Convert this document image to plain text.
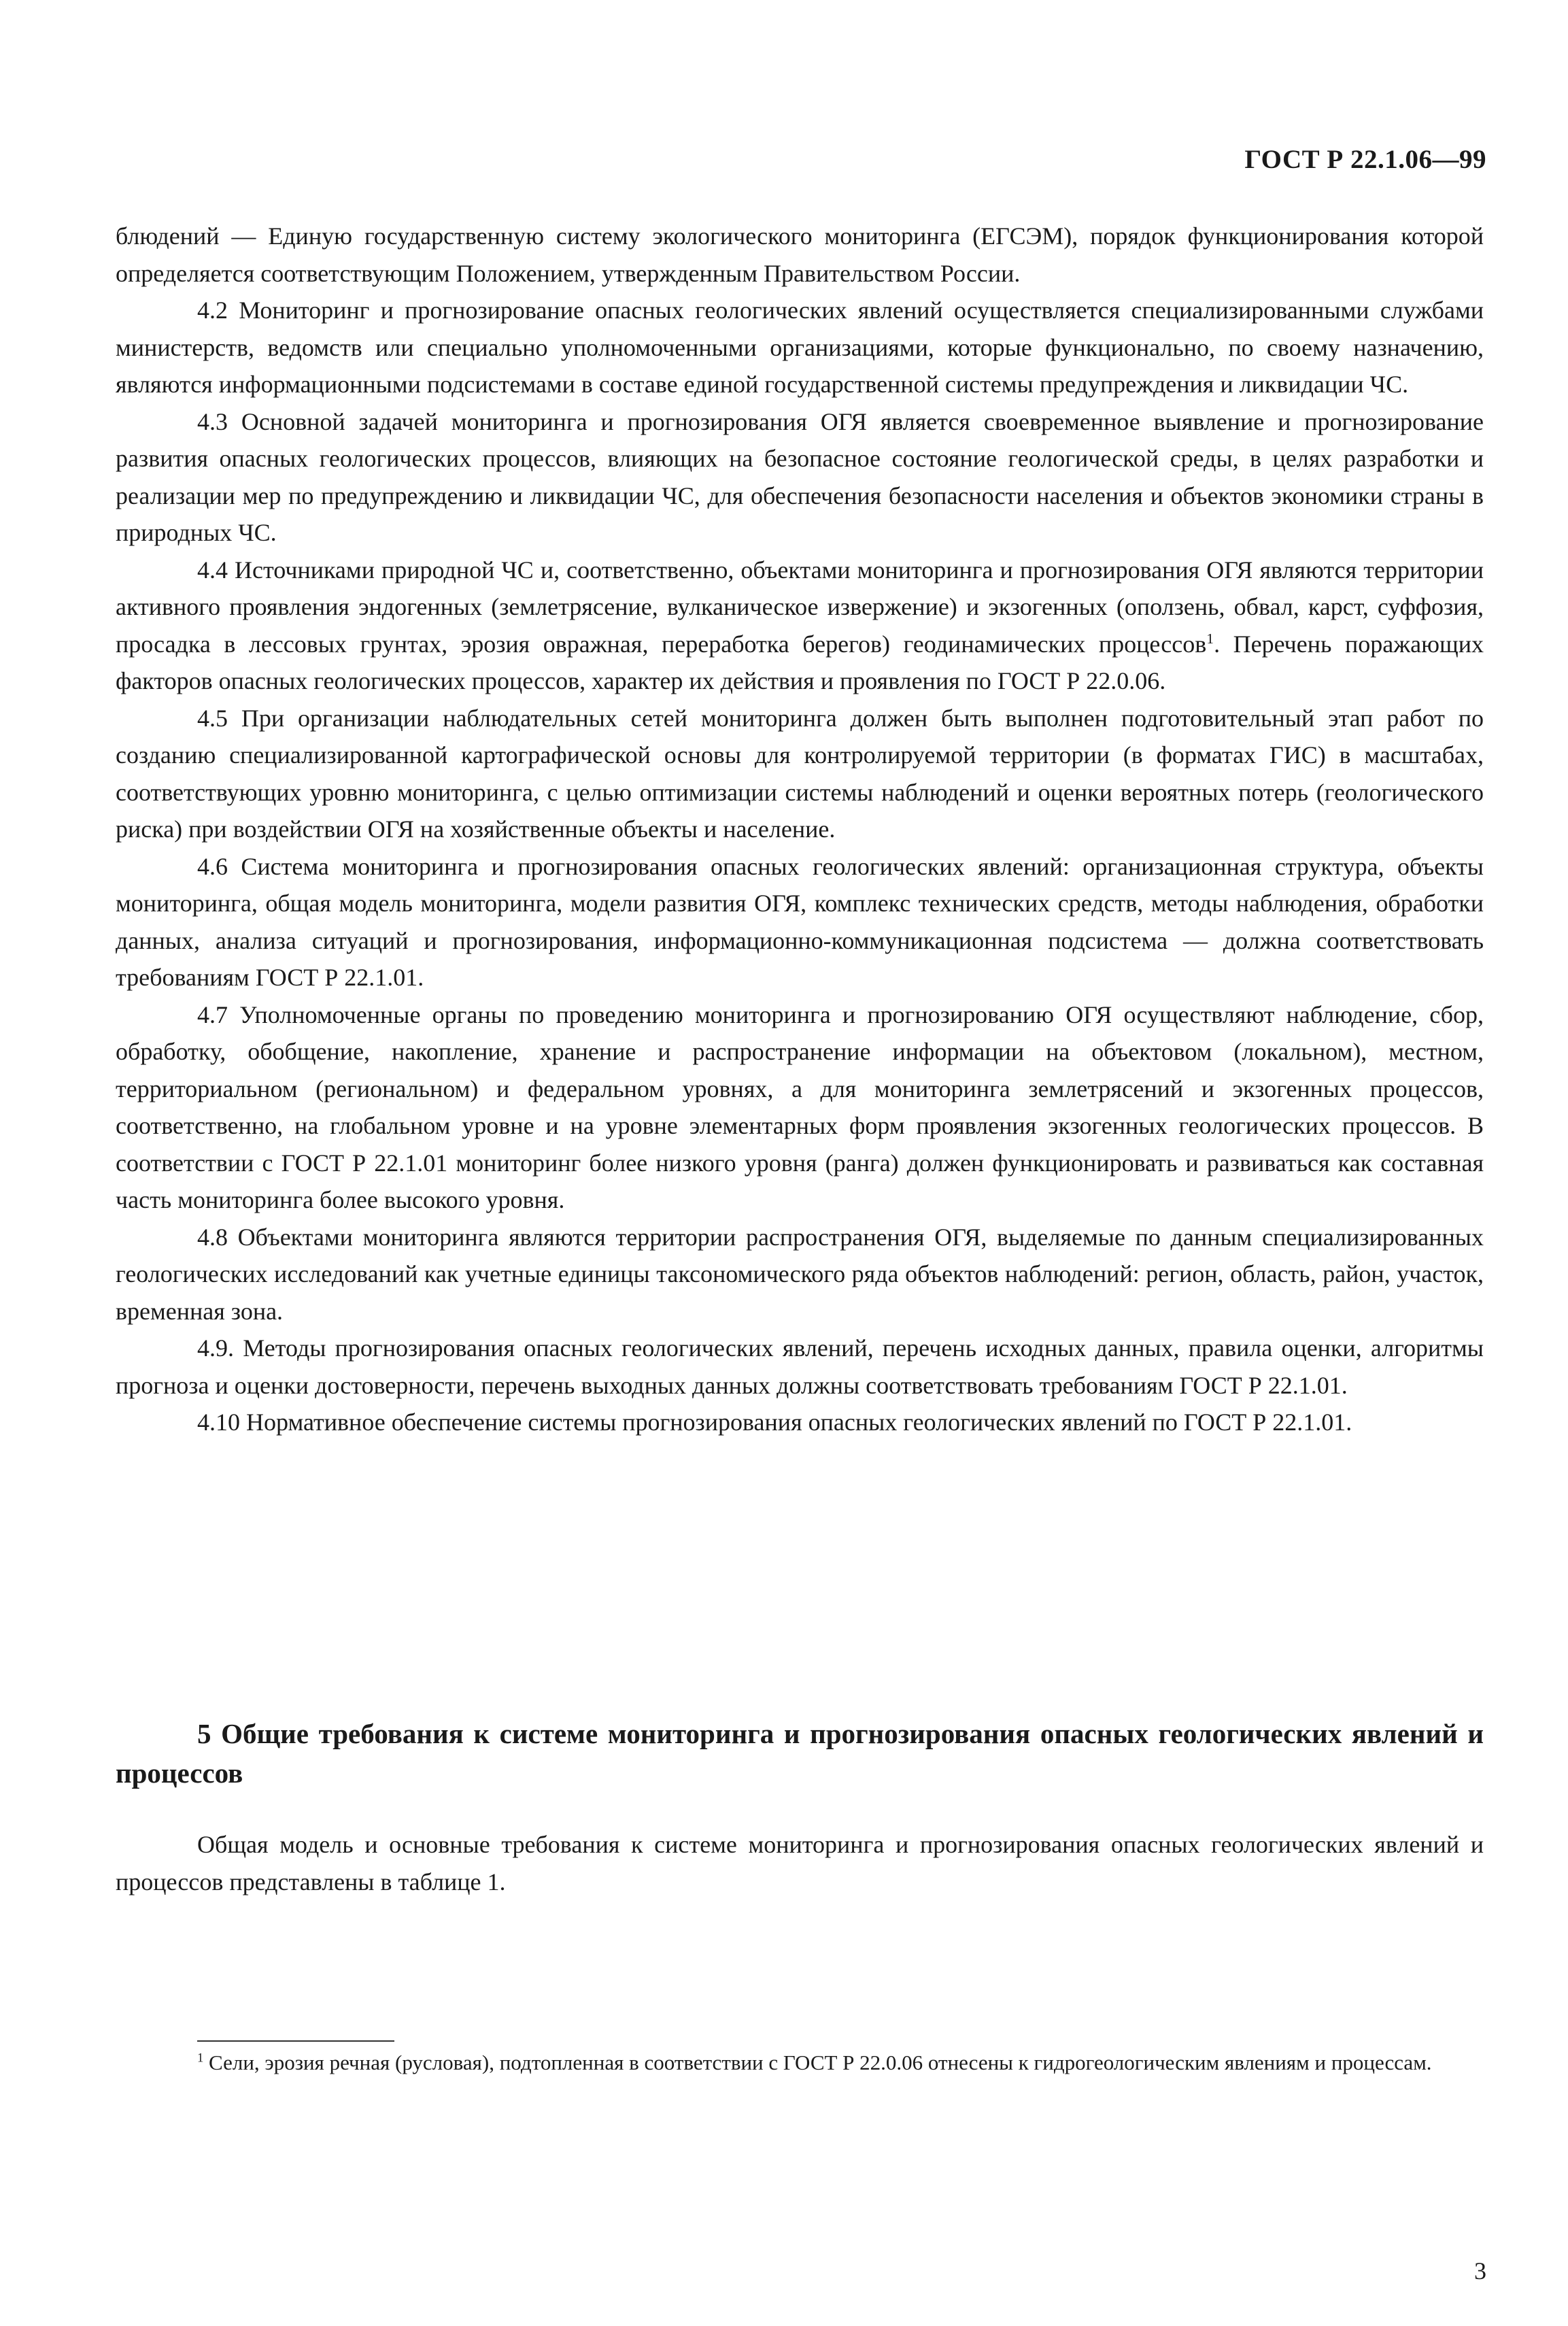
ГОСТ Р 22.1.06—99

блюдений — Единую государственную систему экологического мониторинга (ЕГСЭМ), порядок функционирования которой определяется соответствующим Положением, утвержденным Правительством России.

4.2 Мониторинг и прогнозирование опасных геологических явлений осуществляется специализированными службами министерств, ведомств или специально уполномоченными организациями, которые функционально, по своему назначению, являются информационными подсистемами в составе единой государственной системы предупреждения и ликвидации ЧС.

4.3 Основной задачей мониторинга и прогнозирования ОГЯ является своевременное выявление и прогнозирование развития опасных геологических процессов, влияющих на безопасное состояние геологической среды, в целях разработки и реализации мер по предупреждению и ликвидации ЧС, для обеспечения безопасности населения и объектов экономики страны в природных ЧС.

4.4 Источниками природной ЧС и, соответственно, объектами мониторинга и прогнозирования ОГЯ являются территории активного проявления эндогенных (землетрясение, вулканическое извержение) и экзогенных (оползень, обвал, карст, суффозия, просадка в лессовых грунтах, эрозия овражная, переработка берегов) геодинамических процессов$^1$. Перечень поражающих факторов опасных геологических процессов, характер их действия и проявления по ГОСТ Р 22.0.06.

4.5 При организации наблюдательных сетей мониторинга должен быть выполнен подготовительный этап работ по созданию специализированной картографической основы для контролируемой территории (в форматах ГИС) в масштабах, соответствующих уровню мониторинга, с целью оптимизации системы наблюдений и оценки вероятных потерь (геологического риска) при воздействии ОГЯ на хозяйственные объекты и население.

4.6 Система мониторинга и прогнозирования опасных геологических явлений: организационная структура, объекты мониторинга, общая модель мониторинга, модели развития ОГЯ, комплекс технических средств, методы наблюдения, обработки данных, анализа ситуаций и прогнозирования, информационно-коммуникационная подсистема — должна соответствовать требованиям ГОСТ Р 22.1.01.

4.7 Уполномоченные органы по проведению мониторинга и прогнозированию ОГЯ осуществляют наблюдение, сбор, обработку, обобщение, накопление, хранение и распространение информации на объектовом (локальном), местном, территориальном (региональном) и федеральном уровнях, а для мониторинга землетрясений и экзогенных процессов, соответственно, на глобальном уровне и на уровне элементарных форм проявления экзогенных геологических процессов. В соответствии с ГОСТ Р 22.1.01 мониторинг более низкого уровня (ранга) должен функционировать и развиваться как составная часть мониторинга более высокого уровня.

4.8 Объектами мониторинга являются территории распространения ОГЯ, выделяемые по данным специализированных геологических исследований как учетные единицы таксономического ряда объектов наблюдений: регион, область, район, участок, временная зона.

4.9. Методы прогнозирования опасных геологических явлений, перечень исходных данных, правила оценки, алгоритмы прогноза и оценки достоверности, перечень выходных данных должны соответствовать требованиям ГОСТ Р 22.1.01.

4.10 Нормативное обеспечение системы прогнозирования опасных геологических явлений по ГОСТ Р 22.1.01.

5 Общие требования к системе мониторинга и прогнозирования опасных геологических явлений и процессов

Общая модель и основные требования к системе мониторинга и прогнозирования опасных геологических явлений и процессов представлены в таблице 1.

$^1$ Сели, эрозия речная (русловая), подтопленная в соответствии с ГОСТ Р 22.0.06 отнесены к гидрогеологическим явлениям и процессам.

3
